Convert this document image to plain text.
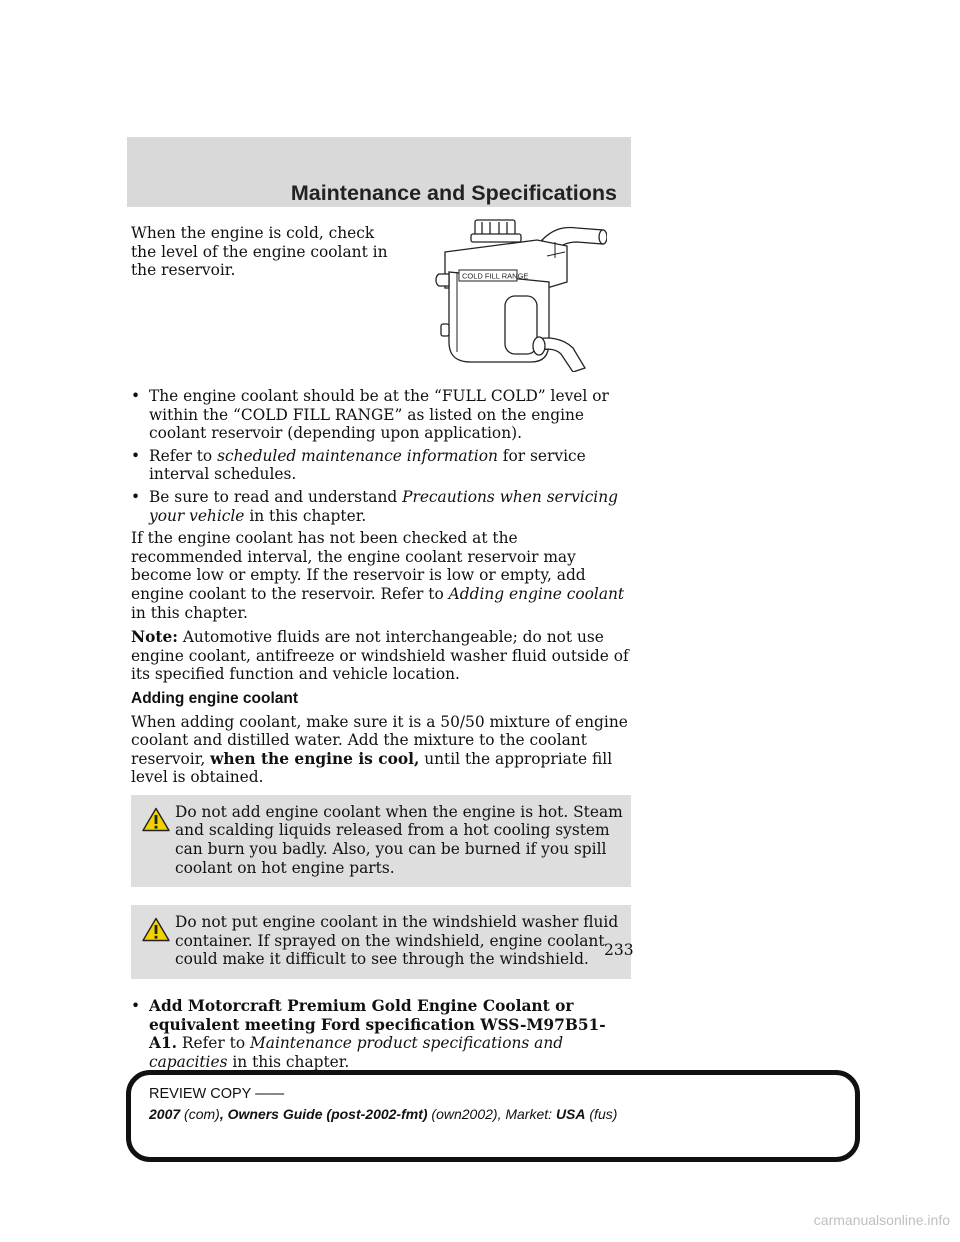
Maintenance and Specifications
When the engine is cold, check the level of the engine coolant in the reservoir.	COLD FILL RANGE
• The engine coolant should be at the “FULL COLD” level or within the “COLD FILL RANGE” as listed on the engine coolant reservoir (depending upon application).
• Refer to scheduled maintenance information for service interval schedules.
• Be sure to read and understand Precautions when servicing your vehicle in this chapter.

If the engine coolant has not been checked at the recommended interval, the engine coolant reservoir may become low or empty. If the reservoir is low or empty, add engine coolant to the reservoir. Refer to Adding engine coolant in this chapter.

Note: Automotive fluids are not interchangeable; do not use engine coolant, antifreeze or windshield washer fluid outside of its specified function and vehicle location.

Adding engine coolant

When adding coolant, make sure it is a 50/50 mixture of engine coolant and distilled water. Add the mixture to the coolant reservoir, when the engine is cool, until the appropriate fill level is obtained.

Do not add engine coolant when the engine is hot. Steam and scalding liquids released from a hot cooling system can burn you badly. Also, you can be burned if you spill coolant on hot engine parts.
Do not put engine coolant in the windshield washer fluid container. If sprayed on the windshield, engine coolant could make it difficult to see through the windshield.
• Add Motorcraft Premium Gold Engine Coolant or equivalent meeting Ford specification WSS-M97B51-A1. Refer to Maintenance product specifications and capacities in this chapter.
233
REVIEW COPY ——
2007 (com), Owners Guide (post-2002-fmt) (own2002), Market: USA (fus)
carmanualsonline.info
